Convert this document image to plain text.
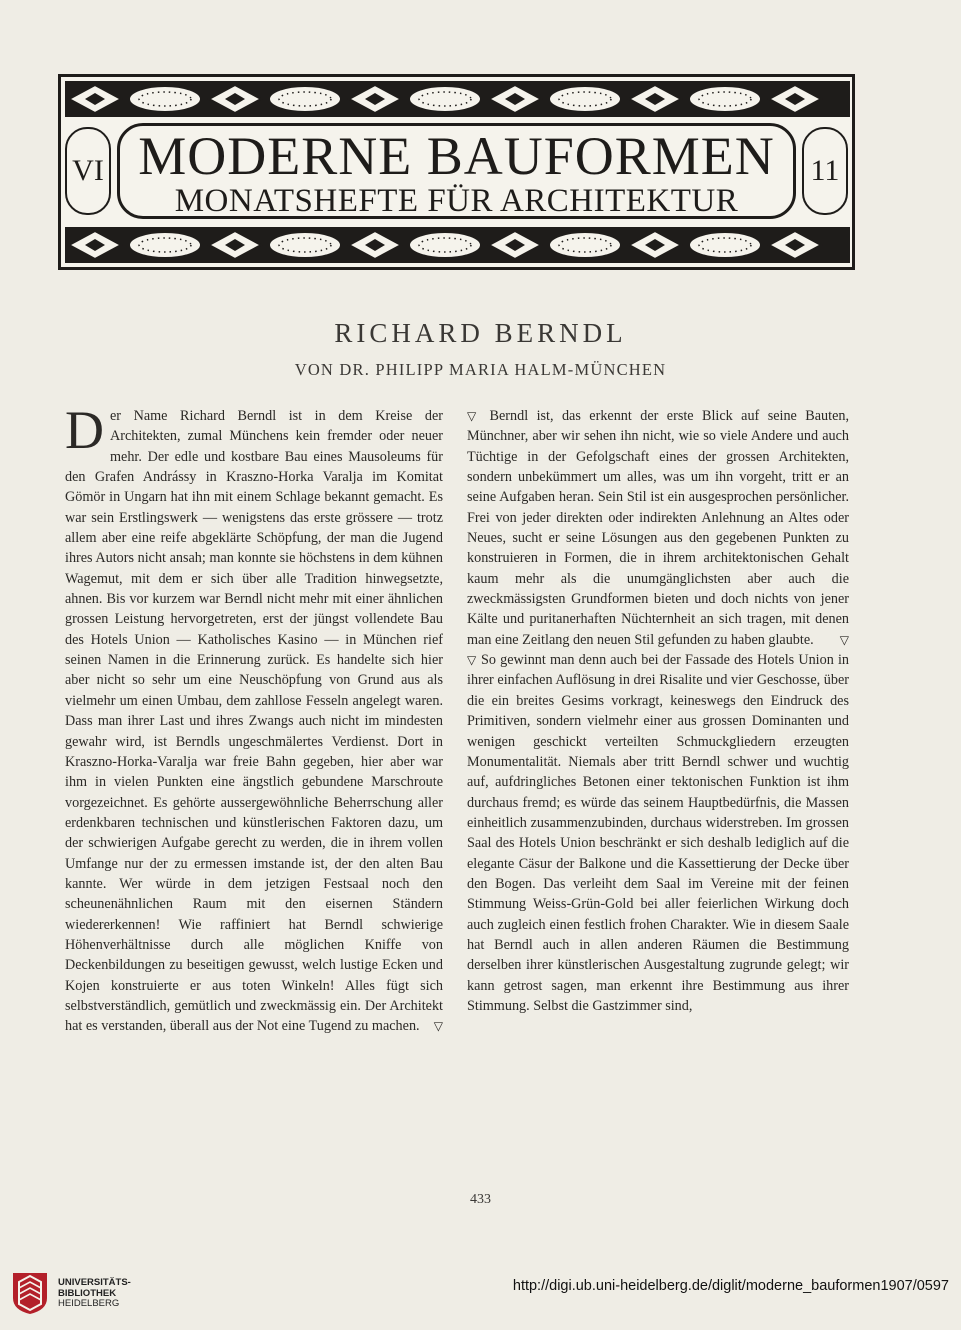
VI MODERNE BAUFORMEN
MONATSHEFTE FÜR ARCHITEKTUR
11
RICHARD BERNDL
VON DR. PHILIPP MARIA HALM-MÜNCHEN

Der Name Richard Berndl ist in dem Kreise der Architekten, zumal Münchens kein fremder oder neuer mehr. Der edle und kostbare Bau eines Mausoleums für den Grafen Andrássy in Kraszno-Horka Varalja im Komitat Gömör in Ungarn hat ihn mit einem Schlage bekannt gemacht. Es war sein Erstlingswerk — wenigstens das erste grössere — trotz allem aber eine reife abgeklärte Schöpfung, der man die Jugend ihres Autors nicht ansah; man konnte sie höchstens in dem kühnen Wagemut, mit dem er sich über alle Tradition hinwegsetzte, ahnen. Bis vor kurzem war Berndl nicht mehr mit einer ähnlichen grossen Leistung hervorgetreten, erst der jüngst vollendete Bau des Hotels Union — Katholisches Kasino — in München rief seinen Namen in die Erinnerung zurück. Es handelte sich hier aber nicht so sehr um eine Neuschöpfung von Grund aus als vielmehr um einen Umbau, dem zahllose Fesseln angelegt waren. Dass man ihrer Last und ihres Zwangs auch nicht im mindesten gewahr wird, ist Berndls ungeschmälertes Verdienst. Dort in Kraszno-Horka-Varalja war freie Bahn gegeben, hier aber war ihm in vielen Punkten eine ängstlich gebundene Marschroute vorgezeichnet. Es gehörte aussergewöhnliche Beherrschung aller erdenkbaren technischen und künstlerischen Faktoren dazu, um der schwierigen Aufgabe gerecht zu werden, die in ihrem vollen Umfange nur der zu ermessen imstande ist, der den alten Bau kannte. Wer würde in dem jetzigen Festsaal noch den scheunenähnlichen Raum mit den eisernen Ständern wiedererkennen! Wie raffiniert hat Berndl schwierige Höhenverhältnisse durch alle möglichen Kniffe von Deckenbildungen zu beseitigen gewusst, welch lustige Ecken und Kojen konstruierte er aus toten Winkeln! Alles fügt sich selbstverständlich, gemütlich und zweckmässig ein. Der Architekt hat es verstanden, überall aus der Not eine Tugend zu machen. ▽

▽ Berndl ist, das erkennt der erste Blick auf seine Bauten, Münchner, aber wir sehen ihn nicht, wie so viele Andere und auch Tüchtige in der Gefolgschaft eines der grossen Architekten, sondern unbekümmert um alles, was um ihn vorgeht, tritt er an seine Aufgaben heran. Sein Stil ist ein ausgesprochen persönlicher. Frei von jeder direkten oder indirekten Anlehnung an Altes oder Neues, sucht er seine Lösungen aus den gegebenen Punkten zu konstruieren in Formen, die in ihrem architektonischen Gehalt kaum mehr als die unumgänglichsten aber auch die zweckmässigsten Grundformen bieten und doch nichts von jener Kälte und puritanerhaften Nüchternheit an sich tragen, mit denen man eine Zeitlang den neuen Stil gefunden zu haben glaubte. ▽

▽ So gewinnt man denn auch bei der Fassade des Hotels Union in ihrer einfachen Auflösung in drei Risalite und vier Geschosse, über die ein breites Gesims vorkragt, keineswegs den Eindruck des Primitiven, sondern vielmehr einer aus grossen Dominanten und wenigen geschickt verteilten Schmuckgliedern erzeugten Monumentalität. Niemals aber tritt Berndl schwer und wuchtig auf, aufdringliches Betonen einer tektonischen Funktion ist ihm durchaus fremd; es würde das seinem Hauptbedürfnis, die Massen einheitlich zusammenzubinden, durchaus widerstreben. Im grossen Saal des Hotels Union beschränkt er sich deshalb lediglich auf die elegante Cäsur der Balkone und die Kassettierung der Decke über den Bogen. Das verleiht dem Saal im Vereine mit der feinen Stimmung Weiss-Grün-Gold bei aller feierlichen Wirkung doch auch zugleich einen festlich frohen Charakter. Wie in diesem Saale hat Berndl auch in allen anderen Räumen die Bestimmung derselben ihrer künstlerischen Ausgestaltung zugrunde gelegt; wir kann getrost sagen, man erkennt ihre Bestimmung aus ihrer Stimmung. Selbst die Gastzimmer sind,

433
UNIVERSITÄTS-
BIBLIOTHEK
HEIDELBERG
http://digi.ub.uni-heidelberg.de/diglit/moderne_bauformen1907/0597
